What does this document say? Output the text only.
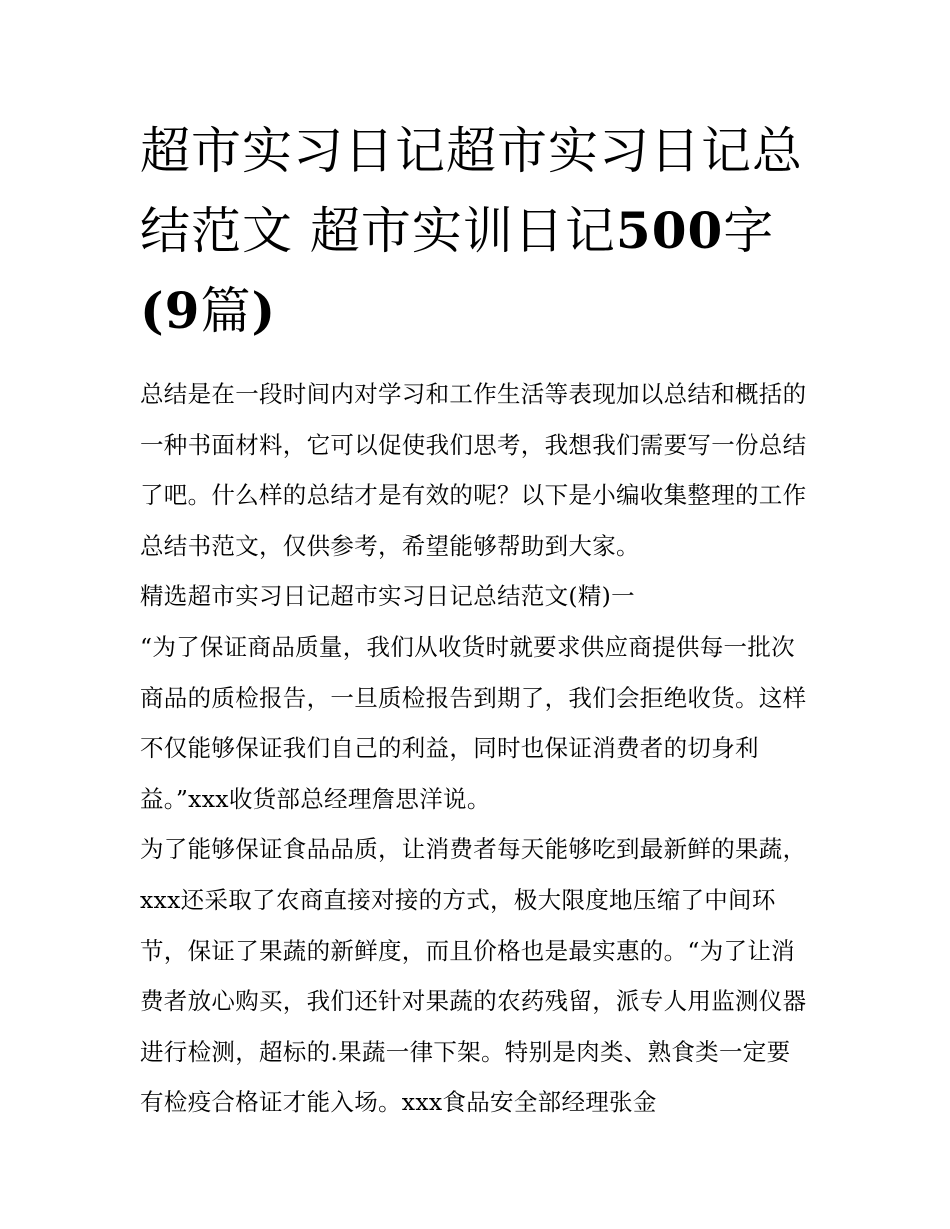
超市实习日记超市实习日记总结范文 超市实训日记500字(9篇)

总结是在一段时间内对学习和工作生活等表现加以总结和概括的一种书面材料，它可以促使我们思考，我想我们需要写一份总结了吧。什么样的总结才是有效的呢？以下是小编收集整理的工作总结书范文，仅供参考，希望能够帮助到大家。

精选超市实习日记超市实习日记总结范文(精)一

“为了保证商品质量，我们从收货时就要求供应商提供每一批次商品的质检报告，一旦质检报告到期了，我们会拒绝收货。这样不仅能够保证我们自己的利益，同时也保证消费者的切身利益。”xxx收货部总经理詹思洋说。

为了能够保证食品品质，让消费者每天能够吃到最新鲜的果蔬，xxx还采取了农商直接对接的方式，极大限度地压缩了中间环节，保证了果蔬的新鲜度，而且价格也是最实惠的。“为了让消费者放心购买，我们还针对果蔬的农药残留，派专人用监测仪器进行检测，超标的.果蔬一律下架。特别是肉类、熟食类一定要有检疫合格证才能入场。xxx食品安全部经理张金
